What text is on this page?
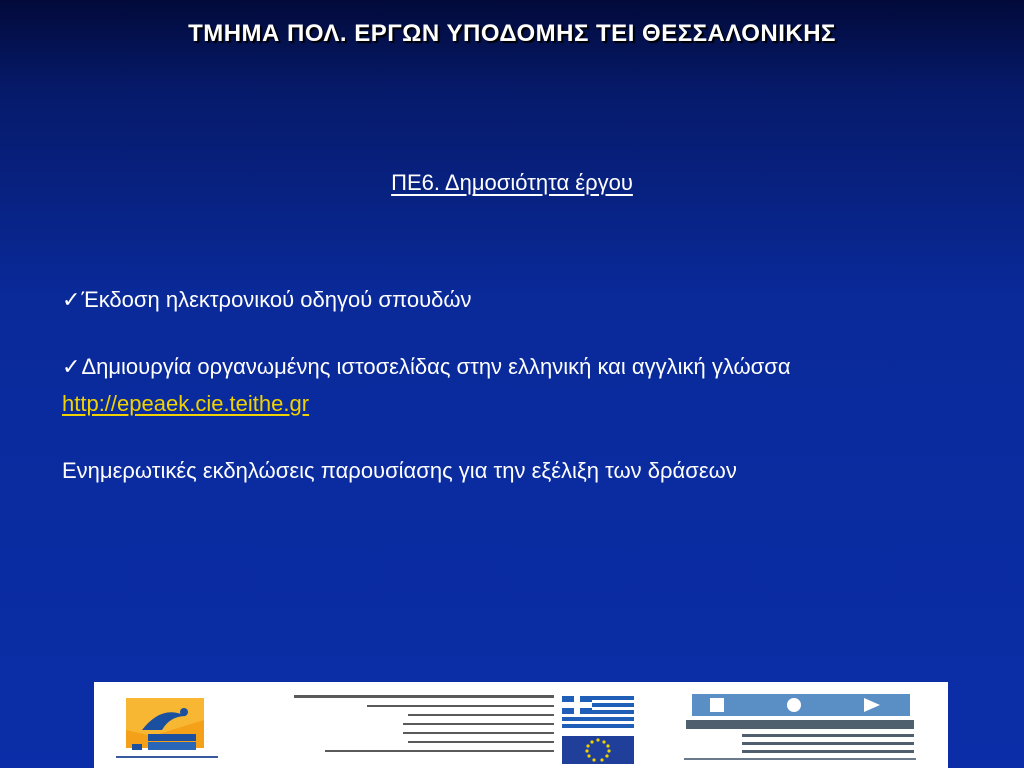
ΤΜΗΜΑ ΠΟΛ. ΕΡΓΩΝ ΥΠΟΔΟΜΗΣ ΤΕΙ ΘΕΣΣΑΛΟΝΙΚΗΣ
ΠΕ6. Δημοσιότητα έργου
✓Έκδοση ηλεκτρονικού οδηγού σπουδών
✓Δημιουργία οργανωμένης ιστοσελίδας στην ελληνική και αγγλική γλώσσα
http://epeaek.cie.teithe.gr
Ενημερωτικές εκδηλώσεις παρουσίασης για την εξέλιξη των δράσεων
